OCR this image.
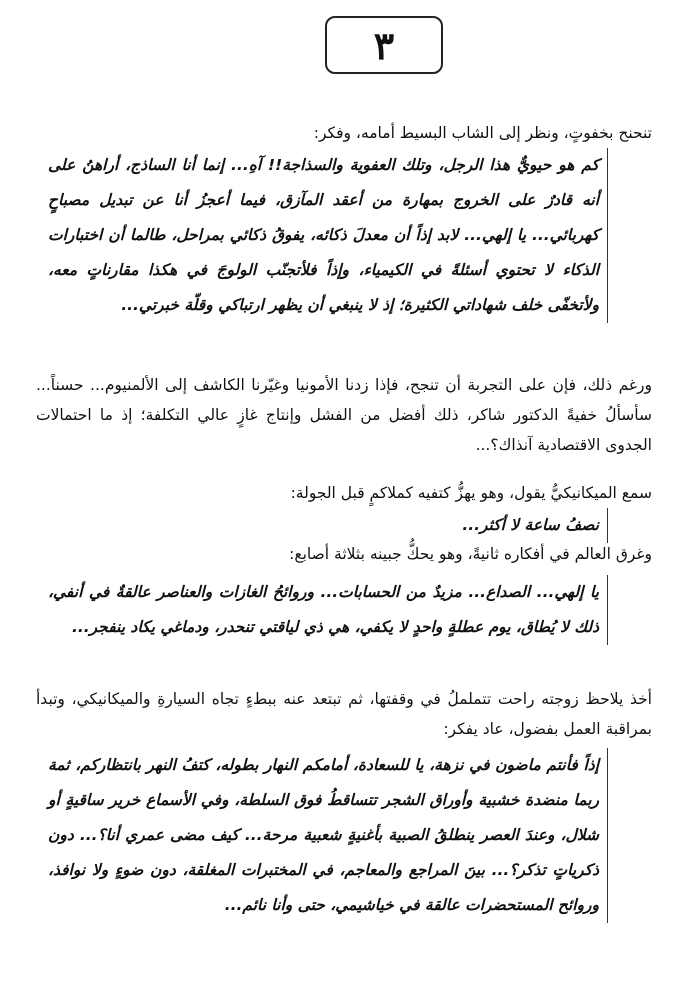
٣

تنحنح بخفوتٍ، ونظر إلى الشاب البسيط أمامه، وفكر:

كم هو حيويٌّ هذا الرجل، وتلك العفوية والسذاجة!! آهِ... إنما أنا الساذج، أراهنُ على أنه قادرٌ على الخروج بمهارة من أعقد المآزق، فيما أعجزُ أنا عن تبديل مصباحٍ كهربائي... يا إلهي... لابد إذاً أن معدلَ ذكائه، يفوقُ ذكائي بمراحل، طالما أن اختبارات الذكاء لا تحتوي أسئلةً في الكيمياء، وإذاً فلأتجنّب الولوجَ في هكذا مقارناتٍ معه، ولأتخفّى خلف شهاداتي الكثيرة؛ إذ لا ينبغي أن يظهر ارتباكي وقلّة خبرتي...

ورغم ذلك، فإن على التجربة أن تنجح، فإذا زدنا الأمونيا وغيّرنا الكاشف إلى الألمنيوم... حسناً... سأسألُ خفيةً الدكتور شاكر، ذلك أفضل من الفشل وإنتاج غازٍ عالي التكلفة؛ إذ ما احتمالات الجدوى الاقتصادية آنذاك؟...

سمع الميكانيكيُّ يقول، وهو يهزُّ كتفيه كملاكمٍ قبل الجولة:

نصفُ ساعة لا أكثر...

وغرق العالم في أفكاره ثانيةً، وهو يحكُّ جبينه بثلاثة أصابع:

يا إلهي... الصداع... مزيدٌ من الحسابات... وروائحُ الغازات والعناصر عالقةٌ في أنفي، ذلك لا يُطاق، يوم عطلةٍ واحدٍ لا يكفي، هي ذي لياقتي تنحدر، ودماغي يكاد ينفجر...

أخذ يلاحظ زوجته راحت تتململُ في وقفتها، ثم تبتعد عنه ببطءٍ تجاه السيارةِ والميكانيكي، وتبدأ بمراقبة العمل بفضول، عاد يفكر:

إذاً فأنتم ماضون في نزهة، يا للسعادة، أمامكم النهار بطوله، كتفُ النهر بانتظاركم، ثمة ربما منضدة خشبية وأوراق الشجر تتساقطُ فوق السلطة، وفي الأسماع خرير ساقيةٍ أو شلال، وعندَ العصر ينطلقُ الصبية بأغنيةٍ شعبية مرحة... كيف مضى عمري أنا؟... دون ذكرياتٍ تذكر؟... بينَ المراجع والمعاجم، في المختبرات المغلقة، دون ضوءٍ ولا نوافذ، وروائح المستحضرات عالقة في خياشيمي، حتى وأنا نائم...
